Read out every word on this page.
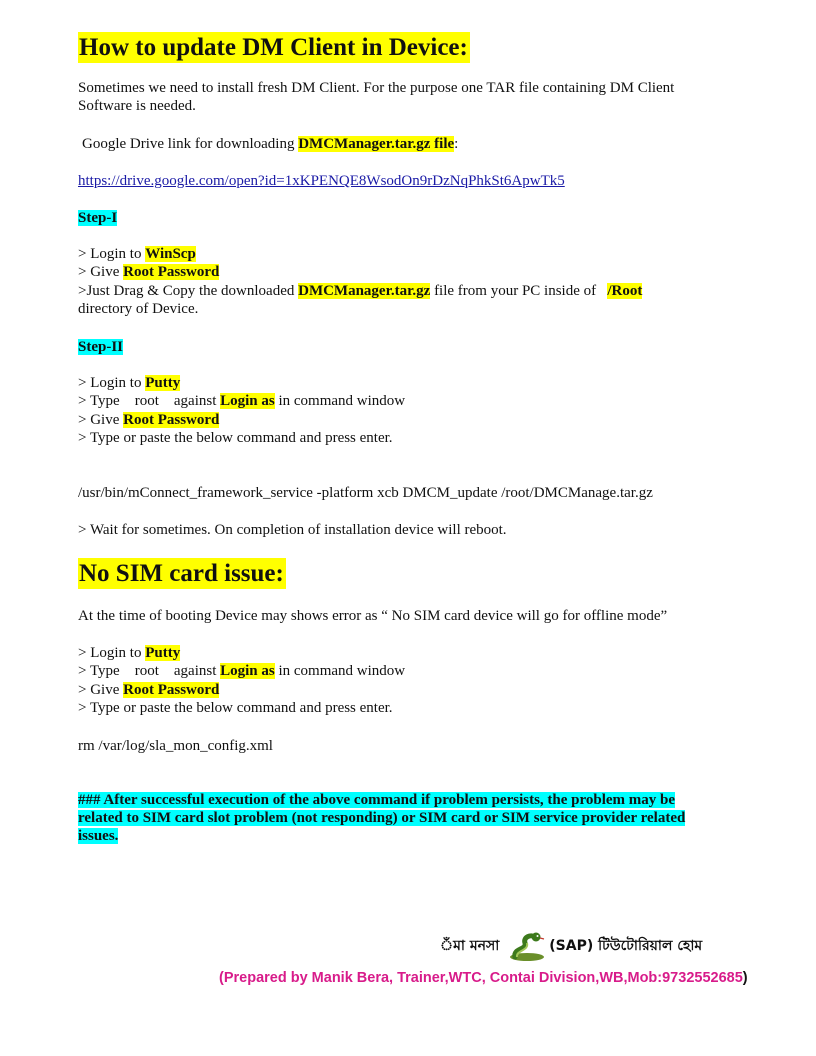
How to update DM Client in Device:
Sometimes we need to install fresh DM Client. For the purpose one TAR file containing DM Client
Software is needed.
Google Drive link for downloading DMCManager.tar.gz file:
https://drive.google.com/open?id=1xKPENQE8WsodOn9rDzNqPhkSt6ApwTk5
Step-I
> Login to WinScp
> Give Root Password
>Just Drag & Copy the downloaded DMCManager.tar.gz file from your PC inside of   /Root
directory of Device.
Step-II
> Login to Putty
> Type    root    against Login as in command window
> Give Root Password
> Type or paste the below command and press enter.
/usr/bin/mConnect_framework_service -platform xcb DMCM_update /root/DMCManage.tar.gz
> Wait for sometimes. On completion of installation device will reboot.
No SIM card issue:
At the time of booting Device may shows error as “ No SIM card device will go for offline mode”
> Login to Putty
> Type    root    against Login as in command window
> Give Root Password
> Type or paste the below command and press enter.
rm /var/log/sla_mon_config.xml
### After successful execution of the above command if problem persists, the problem may be
related to SIM card slot problem (not responding) or SIM card or SIM service provider related
issues.
ঁমা মনসা	(SAP) টিউটোরিয়াল হোম
(Prepared by Manik Bera, Trainer,WTC, Contai Division,WB,Mob:9732552685)
